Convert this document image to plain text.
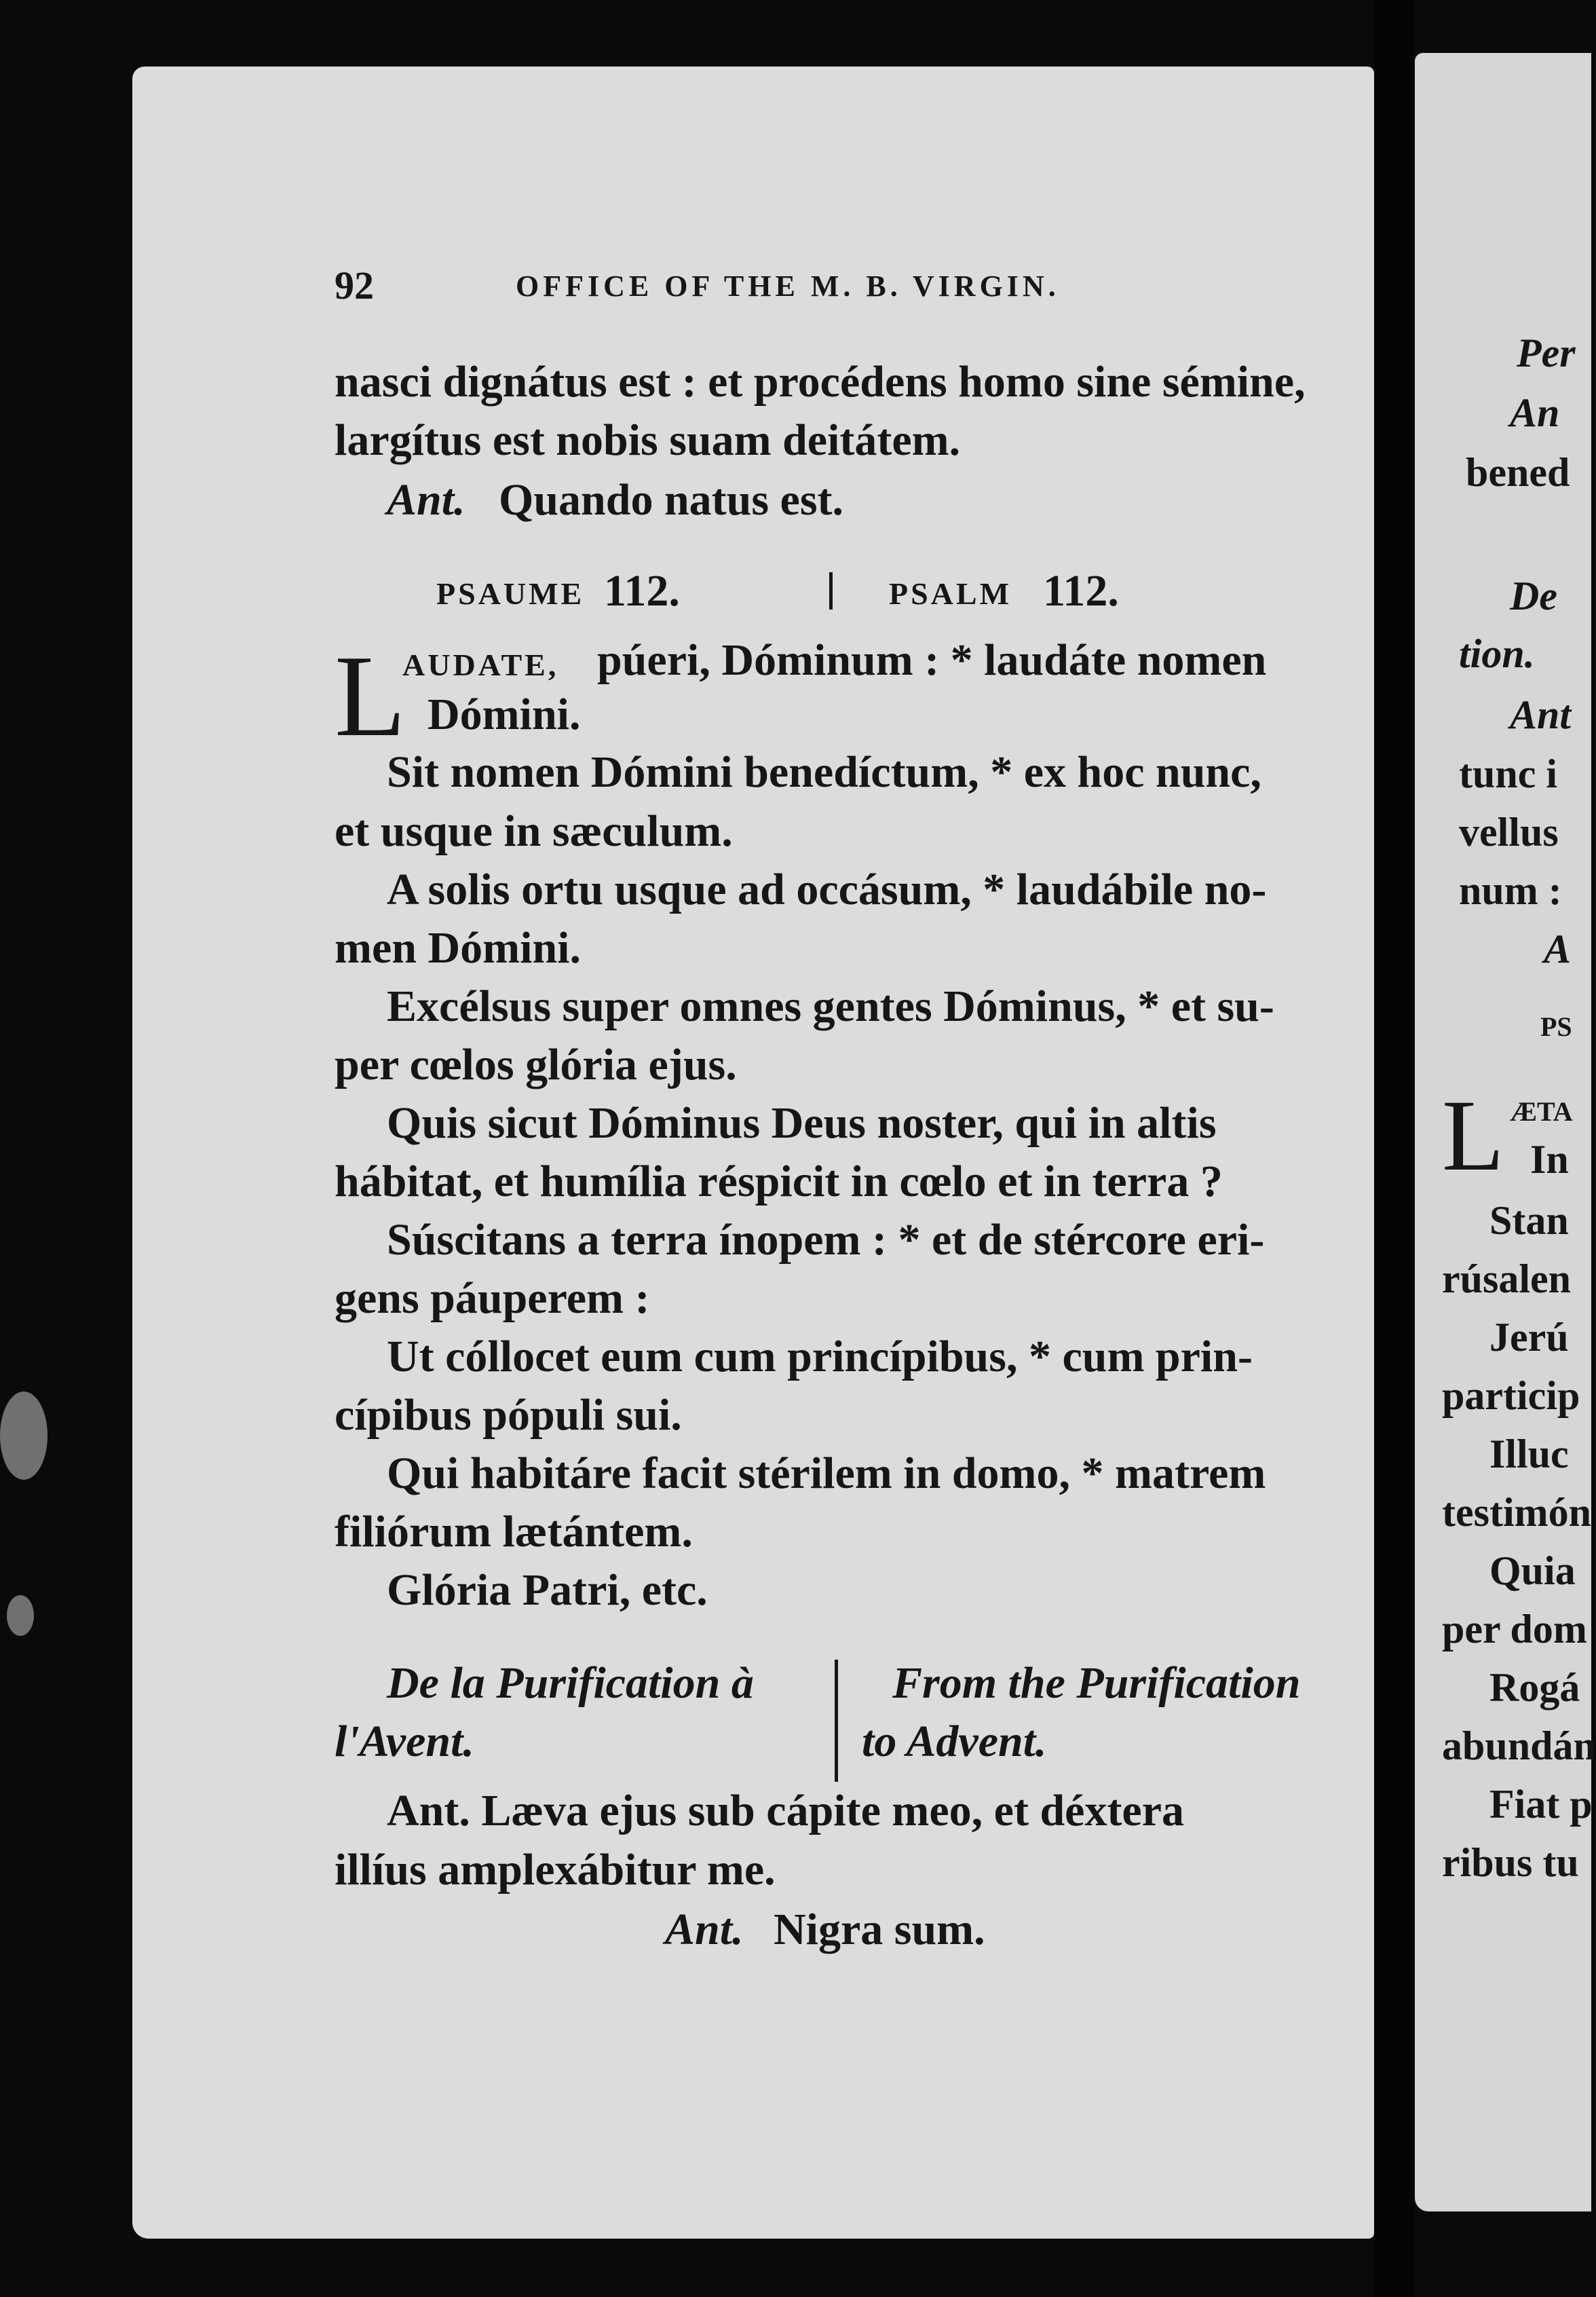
92	OFFICE OF THE M. B. VIRGIN.
nasci dignátus est : et procédens homo sine sémine,
largítus est nobis suam deitátem.
Ant. Quando natus est.
PSAUME 112.	PSALM 112.
L
AUDATE, púeri, Dóminum : * laudáte nomen
Dómini.
Sit nomen Dómini benedíctum, * ex hoc nunc,
et usque in sæculum.
A solis ortu usque ad occásum, * laudábile no-
men Dómini.
Excélsus super omnes gentes Dóminus, * et su-
per cœlos glória ejus.
Quis sicut Dóminus Deus noster, qui in altis
hábitat, et humília réspicit in cœlo et in terra ?
Súscitans a terra ínopem : * et de stércore eri-
gens páuperem :
Ut cóllocet eum cum princípibus, * cum prin-
cípibus pópuli sui.
Qui habitáre facit stérilem in domo, * matrem
filiórum lætántem.
Glória Patri, etc.
De la Purification à
l'Avent.
From the Purification
to Advent.
Ant. Læva ejus sub cápite meo, et déxtera
illíus amplexábitur me.
Ant. Nigra sum.
Per
An
bened
De
tion.
Ant
tunc i
vellus
num :
A
PS
L ÆTA
In
Stan
rúsalen
Jerú
particip
Illuc
testimón
Quia
per dom
Rogá
abundán
Fiat p
ribus tu
